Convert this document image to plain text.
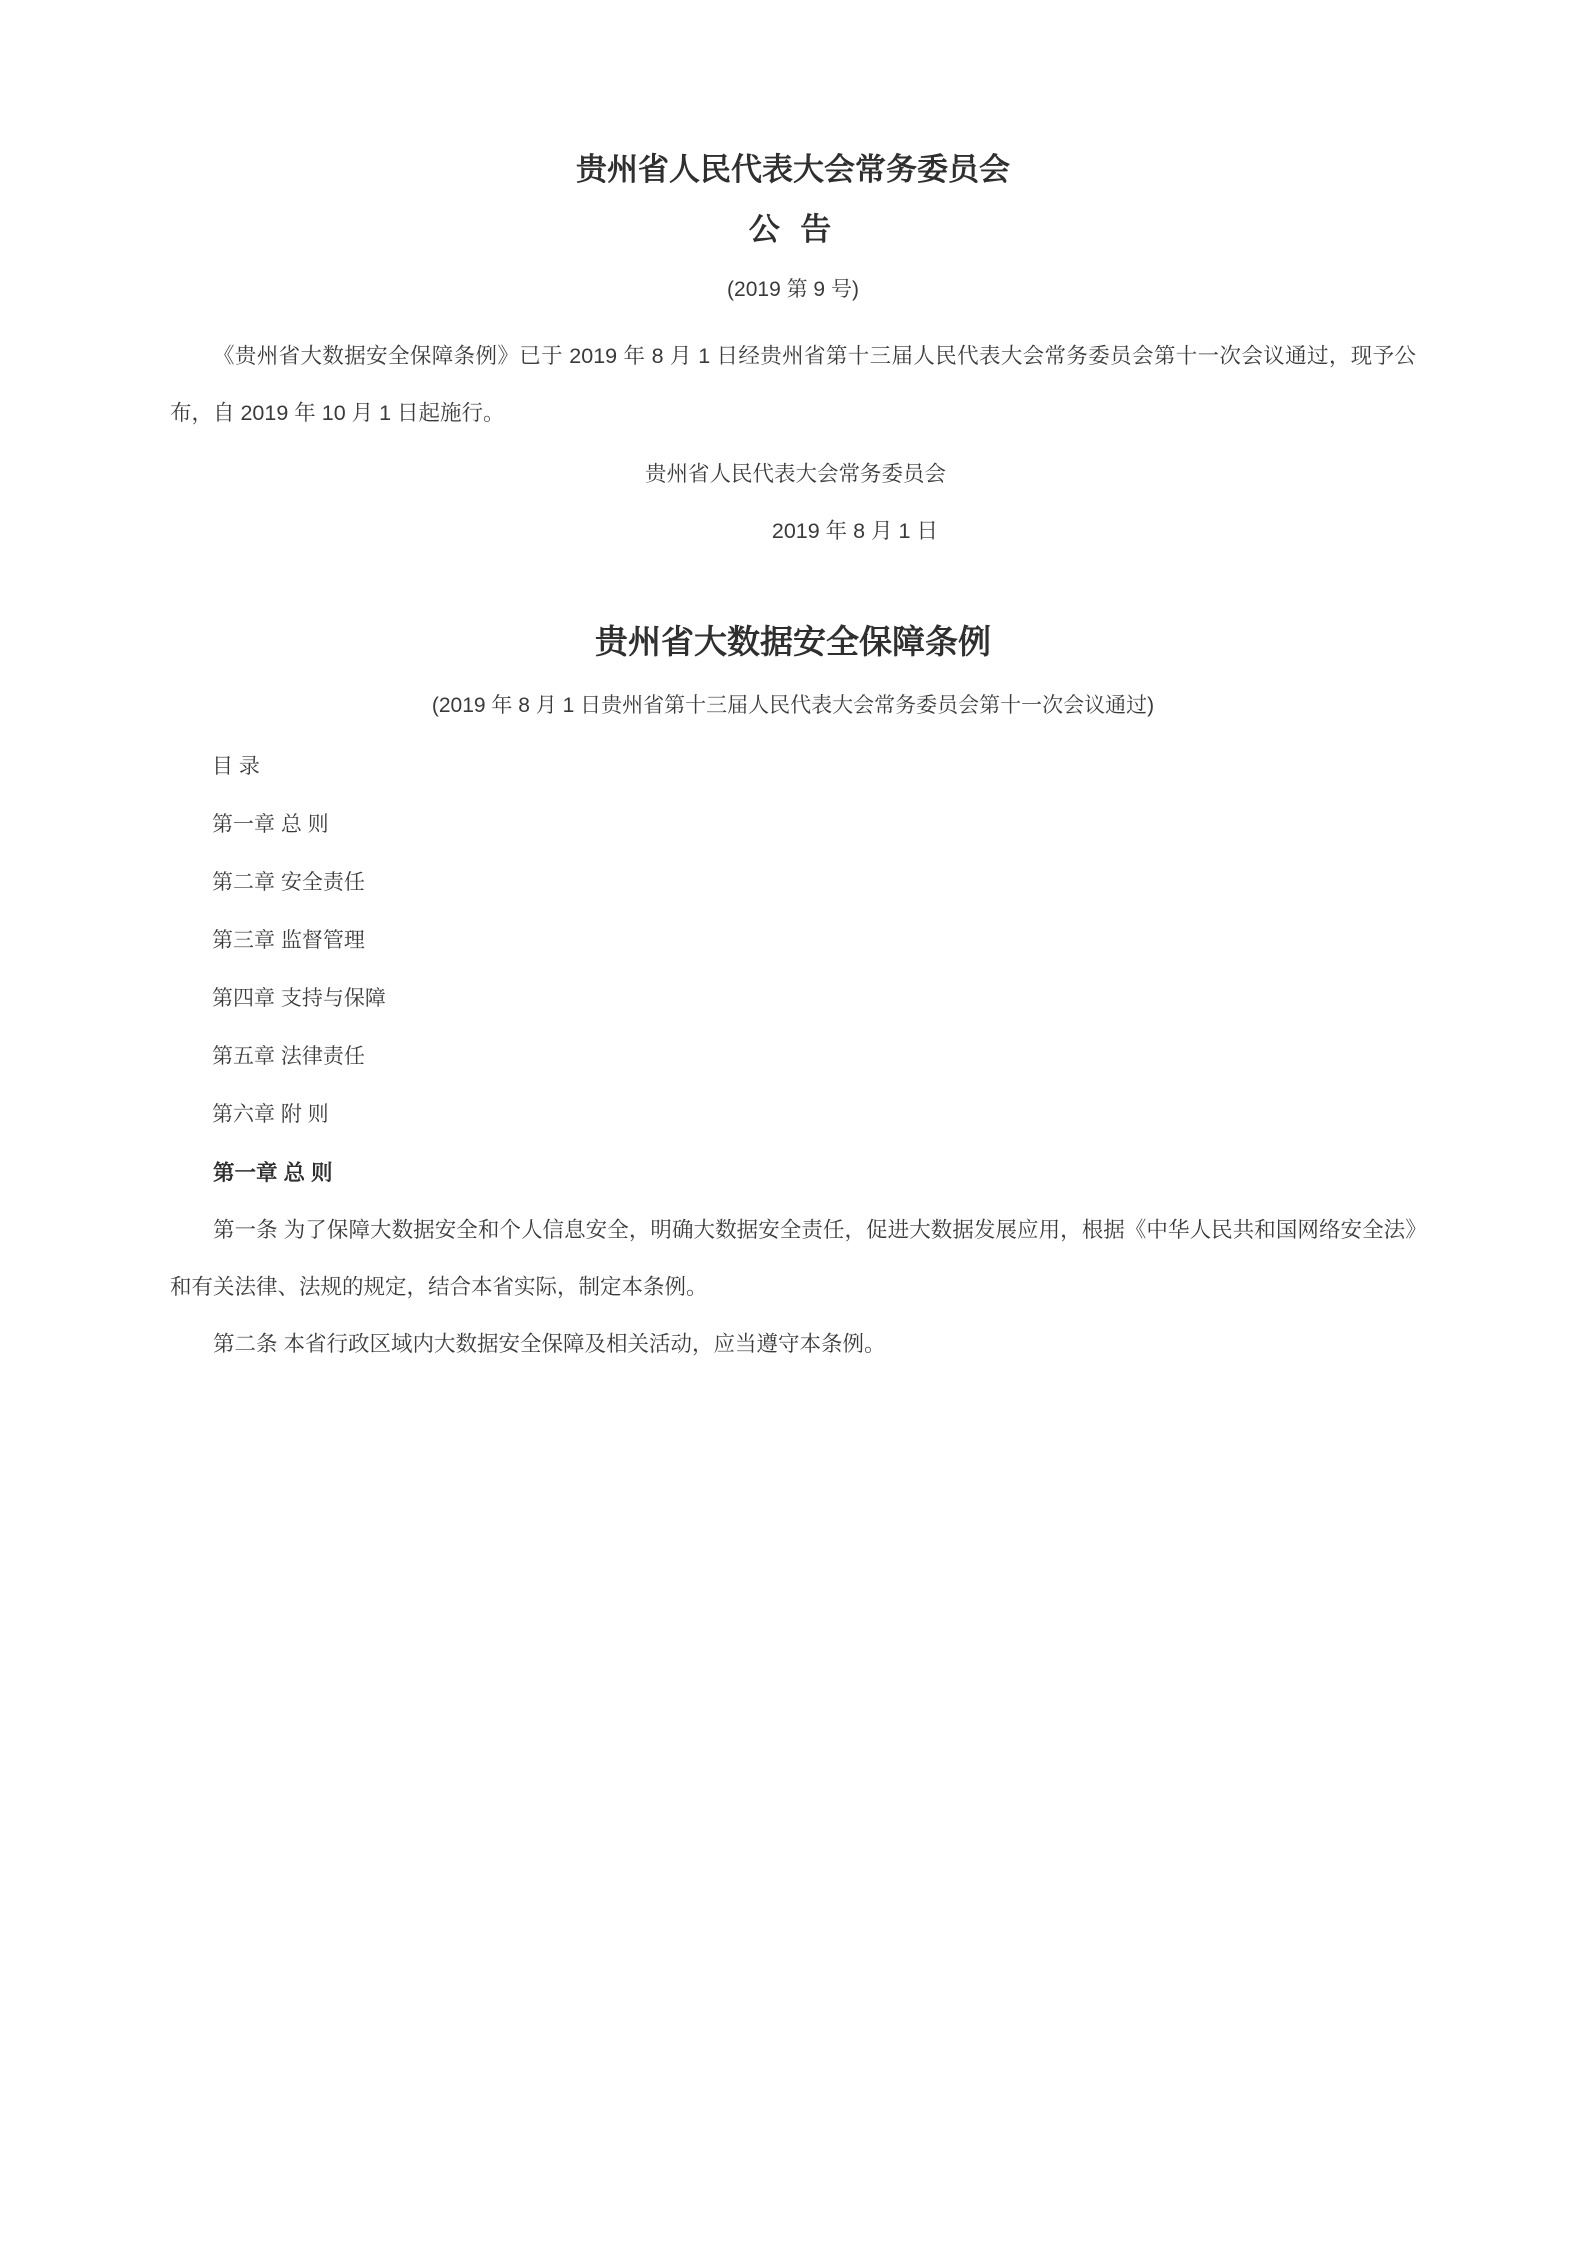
贵州省人民代表大会常务委员会
公 告
(2019 第 9 号)

《贵州省大数据安全保障条例》已于 2019 年 8 月 1 日经贵州省第十三届人民代表大会常务委员会第十一次会议通过，现予公布，自 2019 年 10 月 1 日起施行。

贵州省人民代表大会常务委员会
2019 年 8 月 1 日
贵州省大数据安全保障条例
(2019 年 8 月 1 日贵州省第十三届人民代表大会常务委员会第十一次会议通过)
目 录
第一章 总 则
第二章 安全责任
第三章 监督管理
第四章 支持与保障
第五章 法律责任
第六章 附 则
第一章 总 则

第一条 为了保障大数据安全和个人信息安全，明确大数据安全责任，促进大数据发展应用，根据《中华人民共和国网络安全法》和有关法律、法规的规定，结合本省实际，制定本条例。

第二条 本省行政区域内大数据安全保障及相关活动，应当遵守本条例。
